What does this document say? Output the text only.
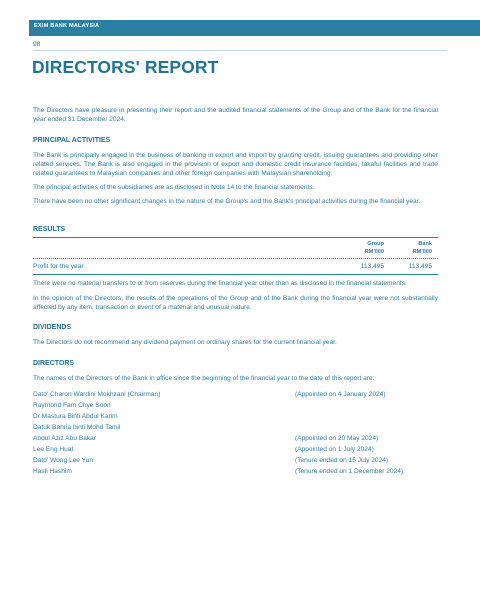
EXIM BANK MALAYSIA
98
DIRECTORS' REPORT
The Directors have pleasure in presenting their report and the audited financial statements of the Group and of the Bank for the financial year ended 31 December 2024.
PRINCIPAL ACTIVITIES
The Bank is principally engaged in the business of banking in export and import by granting credit, issuing guarantees and providing other related services. The Bank is also engaged in the provision of export and domestic credit insurance facilities, takaful facilities and trade related guarantees to Malaysian companies and other foreign companies with Malaysian shareholding.
The principal activities of the subsidiaries are as disclosed in Note 14 to the financial statements.
There have been no other significant changes in the nature of the Group's and the Bank's principal activities during the financial year.
RESULTS
Group
RM'000
Bank
RM'000
Profit for the year	113,495	113,495
There were no material transfers to or from reserves during the financial year other than as disclosed in the financial statements.
In the opinion of the Directors, the results of the operations of the Group and of the Bank during the financial year were not substantially affected by any item, transaction or event of a material and unusual nature.
DIVIDENDS
The Directors do not recommend any dividend payment on ordinary shares for the current financial year.
DIRECTORS
The names of the Directors of the Bank in office since the beginning of the financial year to the date of this report are:
Dato' Charon Wardini Mokhzani (Chairman)	(Appointed on 4 January 2024)
Raymond Fam Chye Soon
Dr Mastura Binti Abdul Karim
Datuk Bahria binti Mohd Tamil
Abdul Aziz Abu Bakar	(Appointed on 20 May 2024)
Lee Eng Huat	(Appointed on 1 July 2024)
Dato' Wong Lee Yun	(Tenure ended on 15 July 2024)
Hasli Hashim	(Tenure ended on 1 December 2024)
